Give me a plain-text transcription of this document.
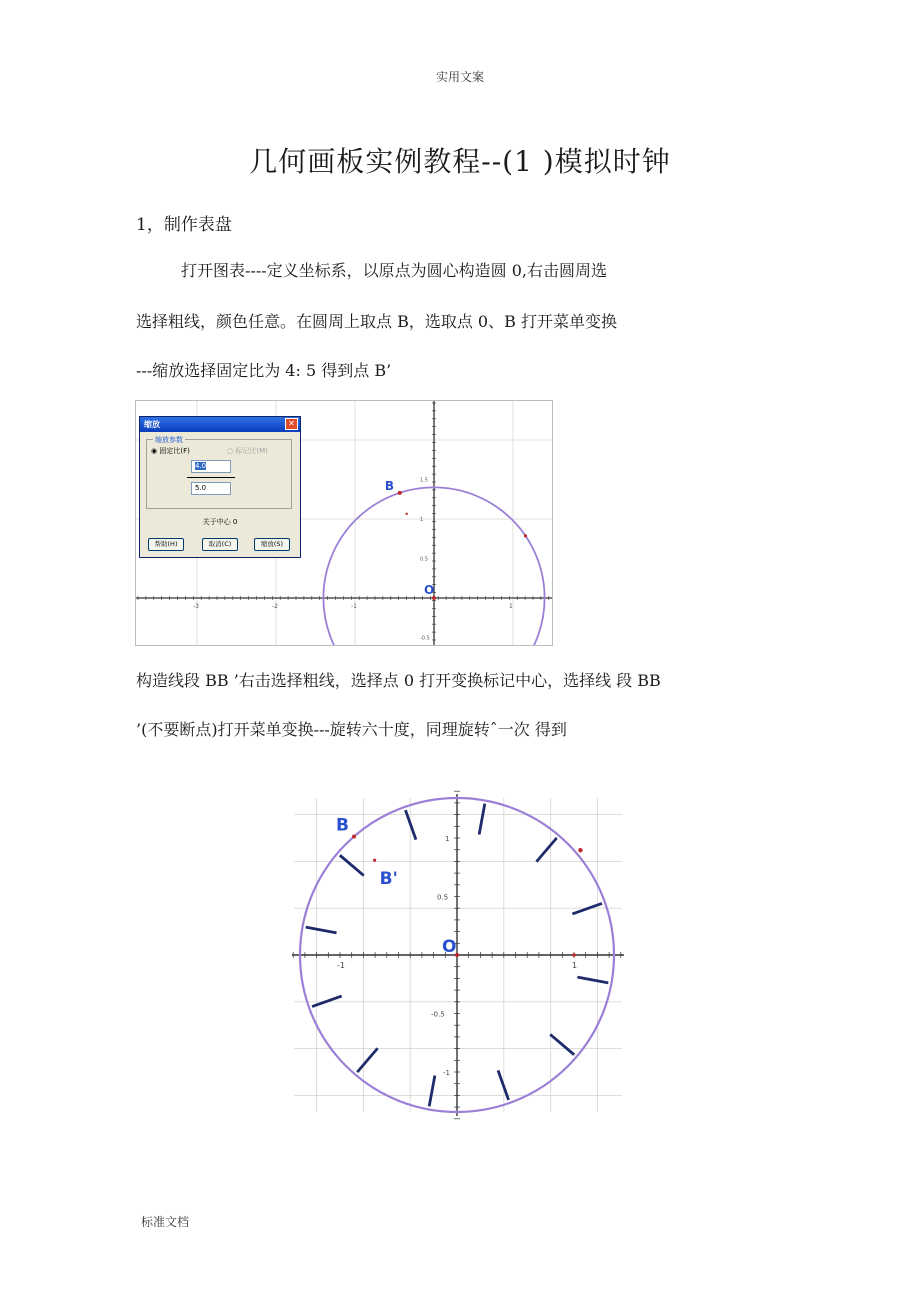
实用文案
几何画板实例教程--(1 )模拟时钟
1，制作表盘
打开图表----定义坐标系，以原点为圆心构造圆 0,右击圆周选
选择粗线，颜色任意。在圆周上取点 B，选取点 0、B 打开菜单变换
---缩放选择固定比为 4: 5 得到点 B’
B
O
-3	-2	-1	1
1.5
1
0.5
-0.5
缩放	✕
缩放参数
◉ 固定比(F)	○ 标记比(M)
4.0
5.0
关于中心 0
帮助(H)	取消(C)	缩放(S)
构造线段 BB ’右击选择粗线，选择点 0 打开变换标记中心，选择线 段 BB
’(不要断点)打开菜单变换---旋转六十度，同理旋转ˆ一次 得到
B
B'
O
-1	1
1
0.5
-0.5
-1
标准文档
